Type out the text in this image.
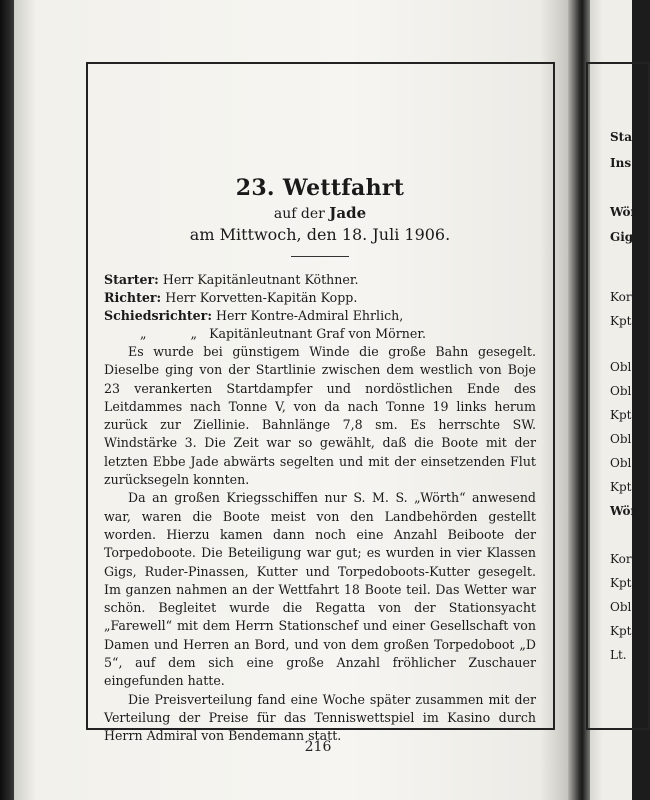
23. Wettfahrt
auf der Jade
am Mittwoch, den 18. Juli 1906.
Starter: Herr Kapitänleutnant Köthner.
Richter: Herr Korvetten-Kapitän Kopp.
Schiedsrichter: Herr Kontre-Admiral Ehrlich,
„	„ Kapitänleutnant Graf von Mörner.

Es wurde bei günstigem Winde die große Bahn gesegelt. Dieselbe ging von der Startlinie zwischen dem westlich von Boje 23 verankerten Startdampfer und nordöstlichen Ende des Leitdammes nach Tonne V, von da nach Tonne 19 links herum zurück zur Ziellinie. Bahnlänge 7,8 sm. Es herrschte SW. Windstärke 3. Die Zeit war so gewählt, daß die Boote mit der letzten Ebbe Jade abwärts segelten und mit der einsetzenden Flut zurücksegeln konnten.

Da an großen Kriegsschiffen nur S. M. S. „Wörth“ anwesend war, waren die Boote meist von den Landbehörden gestellt worden. Hierzu kamen dann noch eine Anzahl Beiboote der Torpedoboote. Die Beteiligung war gut; es wurden in vier Klassen Gigs, Ruder-Pinassen, Kutter und Torpedoboots-Kutter gesegelt. Im ganzen nahmen an der Wettfahrt 18 Boote teil. Das Wetter war schön. Begleitet wurde die Regatta von der Stationsyacht „Farewell“ mit dem Herrn Stationschef und einer Gesellschaft von Damen und Herren an Bord, und von dem großen Torpedoboot „D 5“, auf dem sich eine große Anzahl fröhlicher Zuschauer eingefunden hatte.

Die Preisverteilung fand eine Woche später zusammen mit der Verteilung der Preise für das Tenniswettspiel im Kasino durch Herrn Admiral von Bendemann statt.

216
Sta
Ins
Wör
Gig
Kor
Kpt
Obl
Obl
Kpt
Obl
Obl
Kpt
Wör
Kor
Kpt
Obl
Kpt
Lt.
